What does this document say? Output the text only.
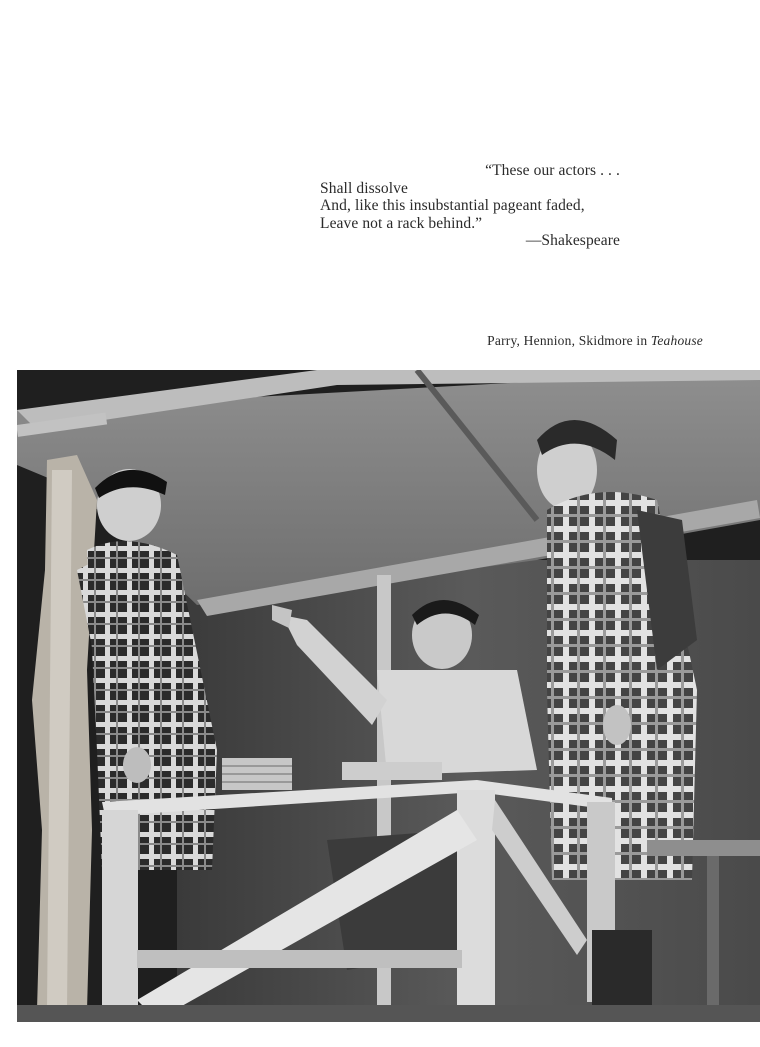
“These our actors . . .
Shall dissolve
And, like this insubstantial pageant faded,
Leave not a rack behind.”
—Shakespeare
Parry, Hennion, Skidmore in Teahouse
